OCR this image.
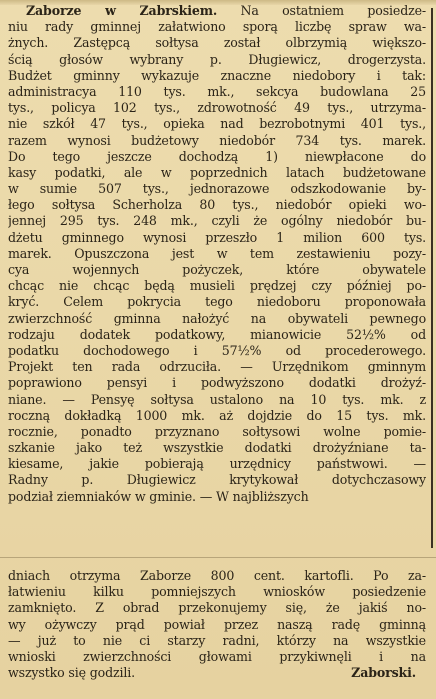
Zaborze w Zabrskiem. Na ostatniem posiedze-
niu rady gminnej załatwiono sporą liczbę spraw wa-
żnych. Zastępcą sołtysa został olbrzymią większo-
ścią głosów wybrany p. Długiewicz, drogerzysta.
Budżet gminny wykazuje znaczne niedobory i tak:
administracya 110 tys. mk., sekcya budowlana 25
tys., policya 102 tys., zdrowotność 49 tys., utrzyma-
nie szkół 47 tys., opieka nad bezrobotnymi 401 tys.,
razem wynosi budżetowy niedobór 734 tys. marek.
Do tego jeszcze dochodzą 1) niewpłacone do
kasy podatki, ale w poprzednich latach budżetowane
w sumie 507 tys., jednorazowe odszkodowanie by-
łego sołtysa Scherholza 80 tys., niedobór opieki wo-
jennej 295 tys. 248 mk., czyli że ogólny niedobór bu-
dżetu gminnego wynosi przeszło 1 milion 600 tys.
marek. Opuszczona jest w tem zestawieniu pozy-
cya wojennych pożyczek, które obywatele
chcąc nie chcąc będą musieli prędzej czy później po-
kryć. Celem pokrycia tego niedoboru proponowała
zwierzchność gminna nałożyć na obywateli pewnego
rodzaju dodatek podatkowy, mianowicie 52½% od
podatku dochodowego i 57½% od procederowego.
Projekt ten rada odrzuciła. — Urzędnikom gminnym
poprawiono pensyi i podwyższono dodatki drożyź-
niane. — Pensyę sołtysa ustalono na 10 tys. mk. z
roczną dokładką 1000 mk. aż dojdzie do 15 tys. mk.
rocznie, ponadto przyznano sołtysowi wolne pomie-
szkanie jako też wszystkie dodatki drożyźniane ta-
kiesame, jakie pobierają urzędnicy państwowi. —
Radny p. Długiewicz krytykował dotychczasowy
podział ziemniaków w gminie. — W najbliższych
dniach otrzyma Zaborze 800 cent. kartofli. Po za-
łatwieniu kilku pomniejszych wniosków posiedzenie
zamknięto. Z obrad przekonujemy się, że jakiś no-
wy ożywczy prąd powiał przez naszą radę gminną
— już to nie ci starzy radni, którzy na wszystkie
wnioski zwierzchności głowami przykiwnęli i na
wszystko się godzili.	Zaborski.
